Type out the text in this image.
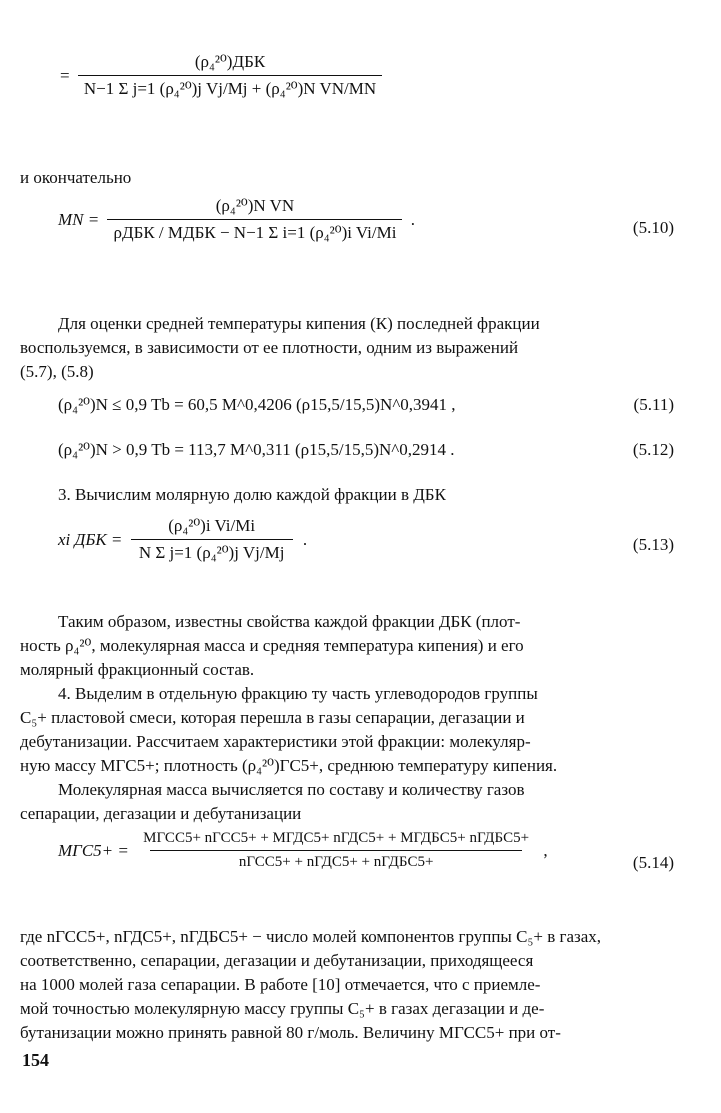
= $\frac{\text{(ρ₄²⁰)ДБК}}{\text{N−1 Σ j=1 (ρ₄²⁰)j Vj/Mj + (ρ₄²⁰)N VN/MN}}$
и окончательно
MN = $\frac{\text{(ρ₄²⁰)N VN}}{\text{ρДБК / MДБК − N−1 Σ i=1 (ρ₄²⁰)i Vi/Mi}}$ .	(5.10)
Для оценки средней температуры кипения (К) последней фракции
воспользуемся, в зависимости от ее плотности, одним из выражений
(5.7), (5.8)
(ρ₄²⁰)N ≤ 0,9 Tb = 60,5 M^0,4206 (ρ15,5/15,5)N^0,3941 ,	(5.11)
(ρ₄²⁰)N > 0,9 Tb = 113,7 M^0,311 (ρ15,5/15,5)N^0,2914 .	(5.12)
3. Вычислим молярную долю каждой фракции в ДБК
xi ДБК = $\frac{\text{(ρ₄²⁰)i Vi/Mi}}{\text{N Σ j=1 (ρ₄²⁰)j Vj/Mj}}$ .	(5.13)
Таким образом, известны свойства каждой фракции ДБК (плот-
ность ρ₄²⁰, молекулярная масса и средняя температура кипения) и его
молярный фракционный состав.
4. Выделим в отдельную фракцию ту часть углеводородов группы
C₅+ пластовой смеси, которая перешла в газы сепарации, дегазации и
дебутанизации. Рассчитаем характеристики этой фракции: молекуляр-
ную массу MГC5+; плотность (ρ₄²⁰)ГC5+, среднюю температуру кипения.
Молекулярная масса вычисляется по составу и количеству газов
сепарации, дегазации и дебутанизации
$MГC5+ = \frac{\text{MГСC5+ nГСC5+ + MГДC5+ nГДC5+ + MГДБC5+ nГДБC5+}}{\text{nГСC5+ + nГДC5+ + nГДБC5+}}$ ,
(5.14)
где nГСC5+, nГДC5+, nГДБC5+ − число молей компонентов группы C₅+ в газах,
соответственно, сепарации, дегазации и дебутанизации, приходящееся
на 1000 молей газа сепарации. В работе [10] отмечается, что с приемле-
мой точностью молекулярную массу группы C₅+ в газах дегазации и де-
бутанизации можно принять равной 80 г/моль. Величину MГСC5+ при от-
154
